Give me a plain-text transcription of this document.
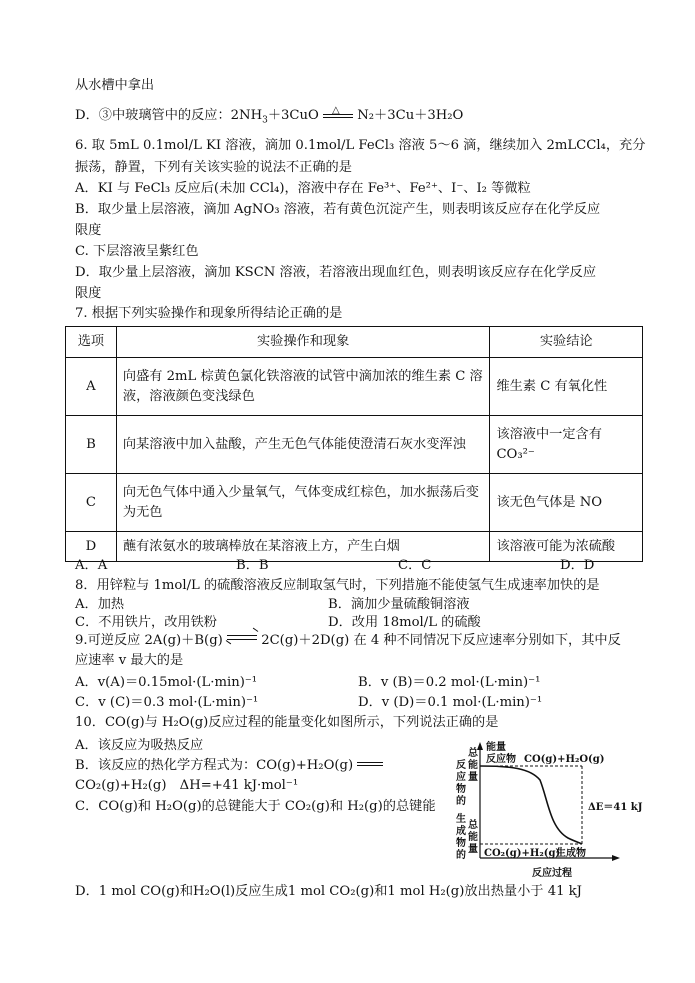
从水槽中拿出
D．③中玻璃管中的反应：$2NH_3+3CuO$ △ N₂＋3Cu＋3H₂O
6. 取 5mL 0.1mol/L KI 溶液，滴加 0.1mol/L FeCl₃ 溶液 5～6 滴，继续加入 2mLCCl₄，充分
振荡，静置，下列有关该实验的说法不正确的是
A．KI 与 FeCl₃ 反应后(未加 CCl₄)，溶液中存在 Fe³⁺、Fe²⁺、I⁻、I₂ 等微粒
B．取少量上层溶液，滴加 AgNO₃ 溶液，若有黄色沉淀产生，则表明该反应存在化学反应
限度
C. 下层溶液呈紫红色
D．取少量上层溶液，滴加 KSCN 溶液，若溶液出现血红色，则表明该反应存在化学反应
限度
7. 根据下列实验操作和现象所得结论正确的是
选项	实验操作和现象	实验结论
A	向盛有 2mL 棕黄色氯化铁溶液的试管中滴加浓的维生素 C 溶液，溶液颜色变浅绿色	维生素 C 有氧化性
B	向某溶液中加入盐酸，产生无色气体能使澄清石灰水变浑浊	该溶液中一定含有 CO₃²⁻
C	向无色气体中通入少量氧气，气体变成红棕色，加水振荡后变为无色	该无色气体是 NO
D	蘸有浓氨水的玻璃棒放在某溶液上方，产生白烟	该溶液可能为浓硫酸
A．A	B．B	C．C	D．D
8．用锌粒与 1mol/L 的硫酸溶液反应制取氢气时，下列措施不能使氢气生成速率加快的是
A．加热	B．滴加少量硫酸铜溶液
C．不用铁片，改用铁粉	D．改用 18mol/L 的硫酸
9.可逆反应 2A(g)＋B(g) ⇌ 2C(g)＋2D(g) 在 4 种不同情况下反应速率分别如下，其中反
应速率 v 最大的是
A．v(A)＝0.15mol·(L·min)⁻¹	B．v (B)＝0.2 mol·(L·min)⁻¹
C．v (C)＝0.3 mol·(L·min)⁻¹	D．v (D)＝0.1 mol·(L·min)⁻¹
10．CO(g)与 H₂O(g)反应过程的能量变化如图所示，下列说法正确的是
A．该反应为吸热反应
B．该反应的热化学方程式为：CO(g)+H₂O(g)
CO₂(g)+H₂(g)　ΔH=+41 kJ·mol⁻¹
C．CO(g)和 H₂O(g)的总键能大于 CO₂(g)和 H₂(g)的总键能
能量
反应物 CO(g)+H₂O(g)
ΔE＝41 kJ
CO₂(g)+H₂(g)
生成物
反应过程
反
应
物
的
总
能
量
生
成
物
的
总
能
量
D．1 mol CO(g)和H₂O(l)反应生成1 mol CO₂(g)和1 mol H₂(g)放出热量小于 41 kJ
